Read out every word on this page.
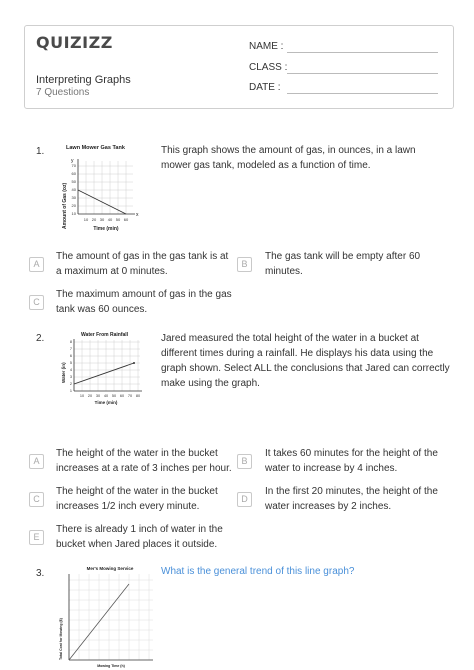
QUIZIZZ
Interpreting Graphs
7 Questions
NAME :
CLASS :
DATE :
1.	Lawn Mower Gas Tank
Amount of Gas (oz)
y
x
70
60
50
40
30
20
10
10 20 30 40 50 60
Time (min)
This graph shows the amount of gas, in ounces, in a lawn
mower gas tank, modeled as a function of time.
A
The amount of gas in the gas tank is at
a maximum at 0 minutes.
B
The gas tank will be empty after 60
minutes.
C
The maximum amount of gas in the gas
tank was 60 ounces.
2.	Water From Rainfall
Water (in)
8
7
6
5
4
3
2
1
10 20 30 40 50 60 70 80
Time (min)
Jared measured the total height of the water in a bucket at
different times during a rainfall. He displays his data using the
graph shown. Select ALL the conclusions that Jared can correctly
make using the graph.
A
The height of the water in the bucket
increases at a rate of 3 inches per hour.
B
It takes 60 minutes for the height of the
water to increase by 4 inches.
C
The height of the water in the bucket
increases 1/2 inch every minute.
D
In the first 20 minutes, the height of the
water increases by 2 inches.
E
There is already 1 inch of water in the
bucket when Jared places it outside.
3.	Mer's Mowing Service
Total Cost for Mowing ($)
Mowing Time (h)
What is the general trend of this line graph?
